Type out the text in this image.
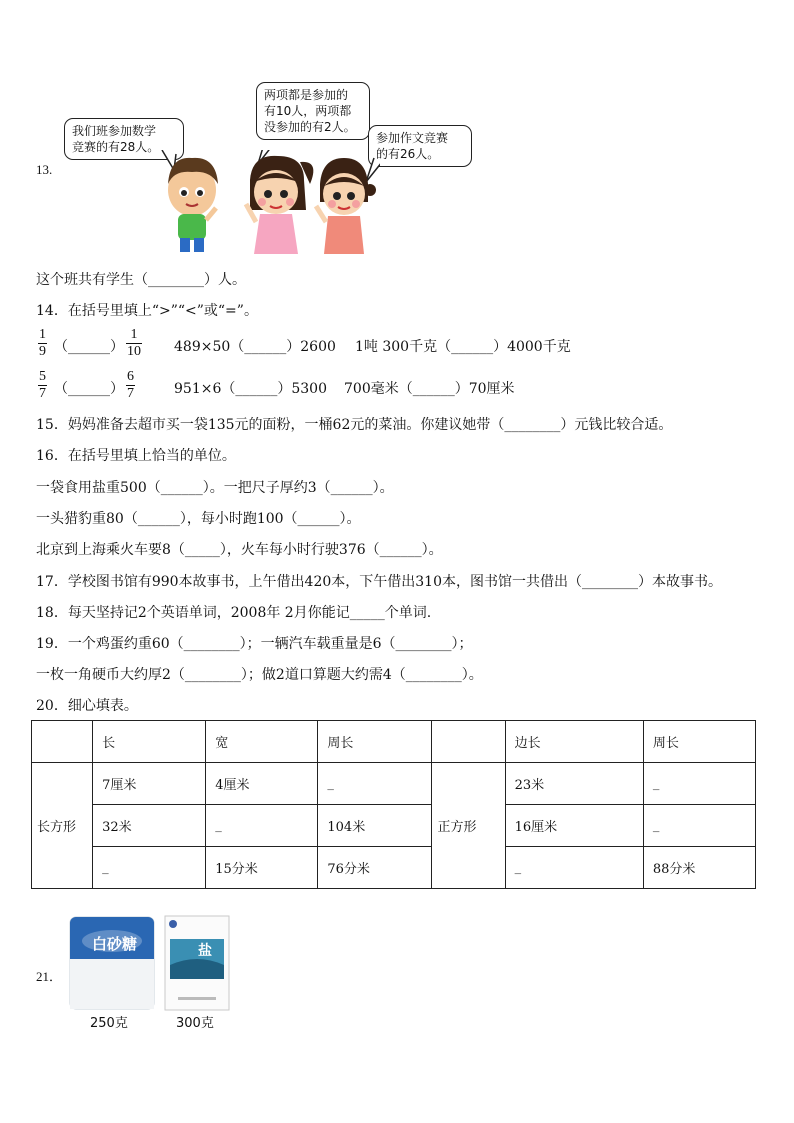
13.
我们班参加数学
竞赛的有28人。
两项都是参加的
有10人，两项都
没参加的有2人。
参加作文竞赛
的有26人。
这个班共有学生（________）人。
14．在括号里填上“>”“<”或“=”。
1
9 （______）
1
10 489×50（______）2600 1吨 300千克（______）4000千克
5
7 （______）
6
7	951×6（______）5300 700毫米（______）70厘米
15．妈妈准备去超市买一袋135元的面粉，一桶62元的菜油。你建议她带（________）元钱比较合适。
16．在括号里填上恰当的单位。
一袋食用盐重500（______）。一把尺子厚约3（______）。
一头猎豹重80（______），每小时跑100（______）。
北京到上海乘火车要8（_____），火车每小时行驶376（______）。
17．学校图书馆有990本故事书，上午借出420本，下午借出310本，图书馆一共借出（________）本故事书。
18．每天坚持记2个英语单词，2008年 2月你能记_____个单词.
19．一个鸡蛋约重60（________）；一辆汽车载重量是6（________）；
一枚一角硬币大约厚2（________）；做2道口算题大约需4（________）。
20．细心填表。
	长	宽	周长		边长	周长
长方形	7厘米	4厘米	_	正方形	23米	_
	32米	_	104米		16厘米	_
	_	15分米	76分米		_	88分米
21．
白砂糖	盐
250克	300克
